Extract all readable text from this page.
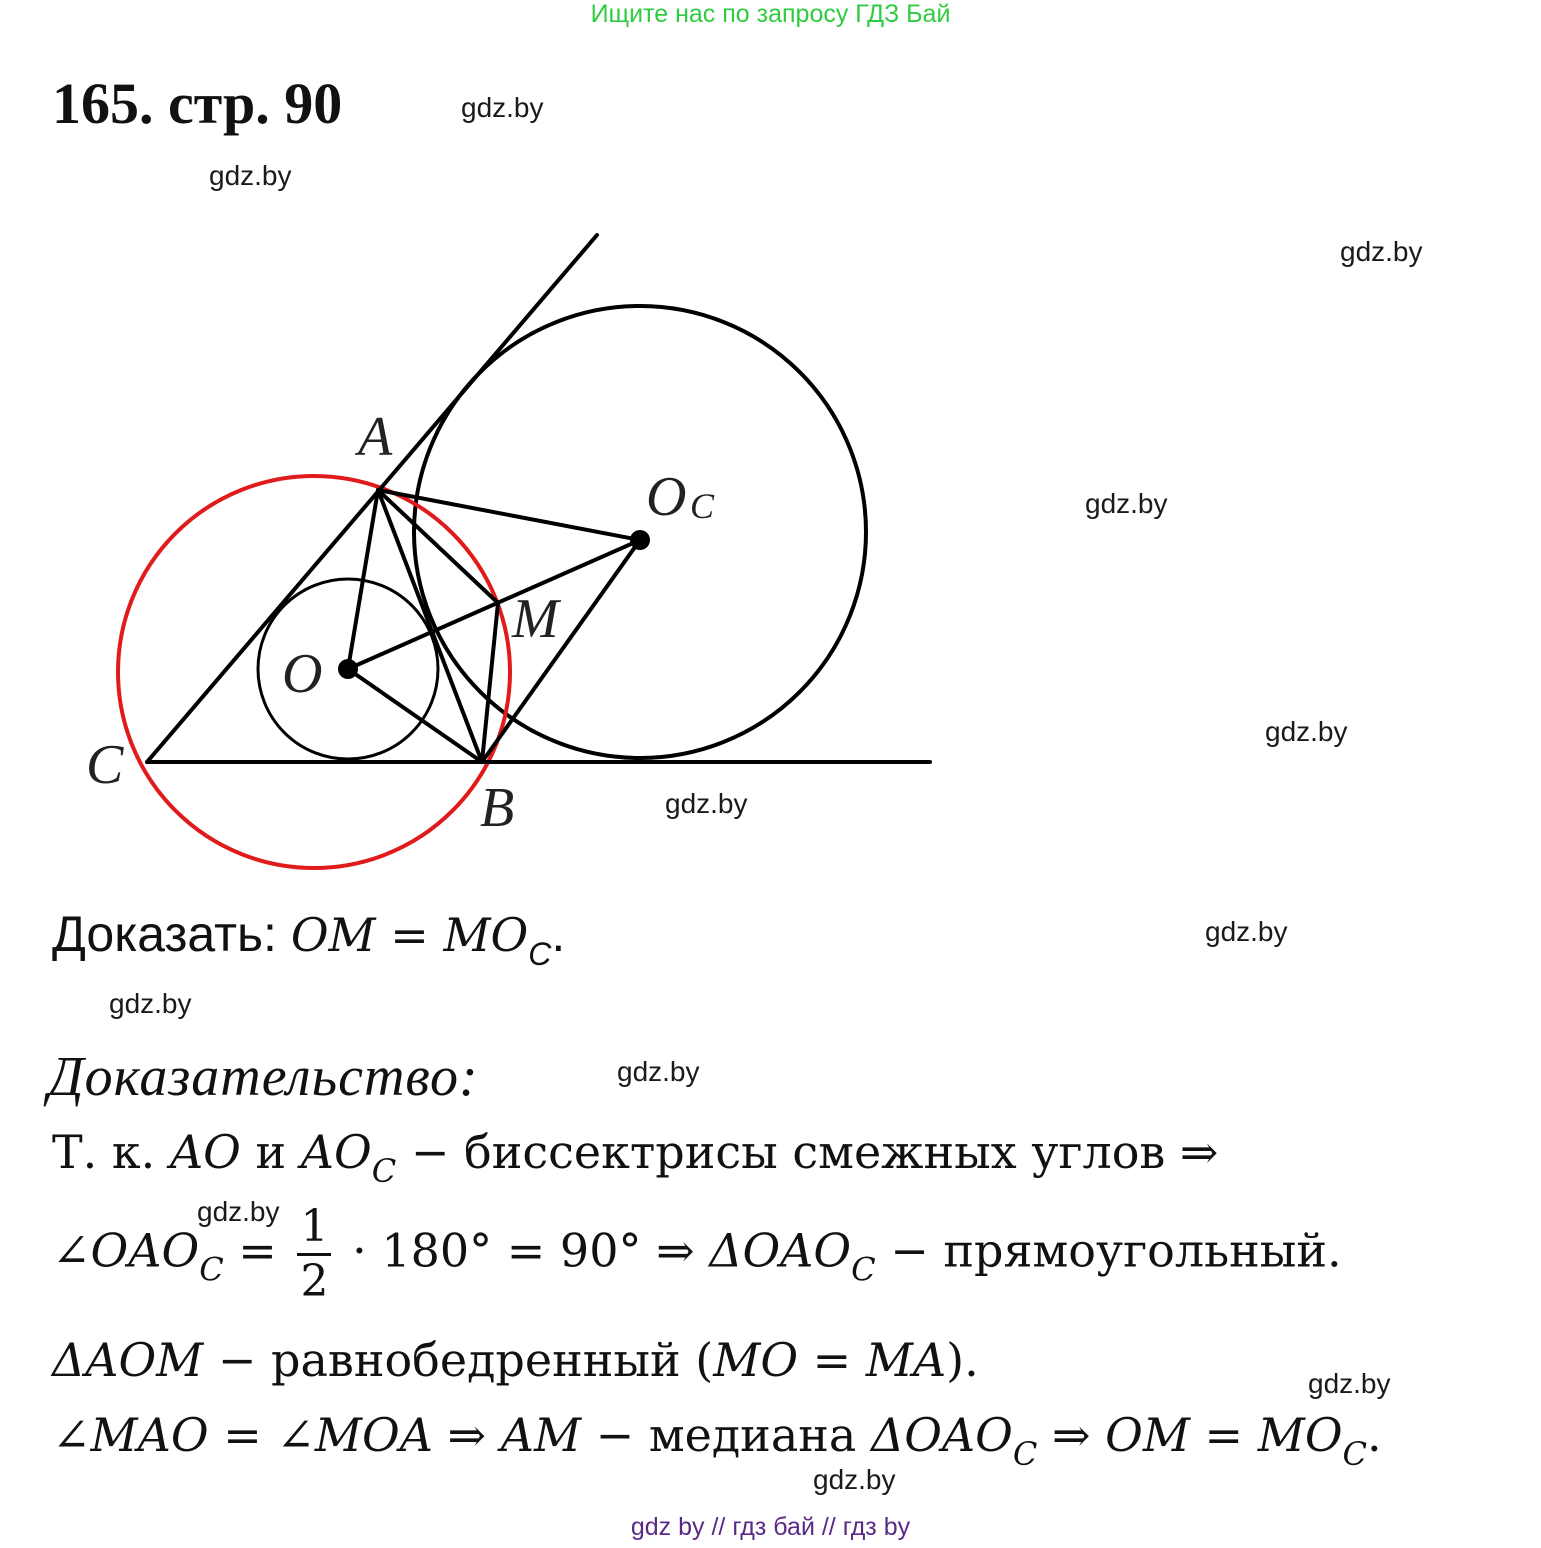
Ищите нас по запросу ГДЗ Бай
165. стр. 90	gdz.by
gdz.by
gdz.by
gdz.by
gdz.by
gdz.by
gdz.by
gdz.by
gdz.by
gdz.by
gdz.by
gdz.by
A
O C
M
O
C
B
Доказать: OM = $MO_C$.
Доказательство:
Т. к. AO и $AO_C$ − биссектрисы смежных углов ⇒
$\angle OAO_C = \frac{1}{2} \cdot 180^\circ = 90^\circ$ ⇒ $\Delta OAO_C$ − прямоугольный.
ΔAOM − равнобедренный (MO = MA).
∠MAO = ∠MOA ⇒ AM − медиана $\Delta OAO_C$ ⇒ OM = $MO_C$.
gdz by // гдз бай // гдз by
